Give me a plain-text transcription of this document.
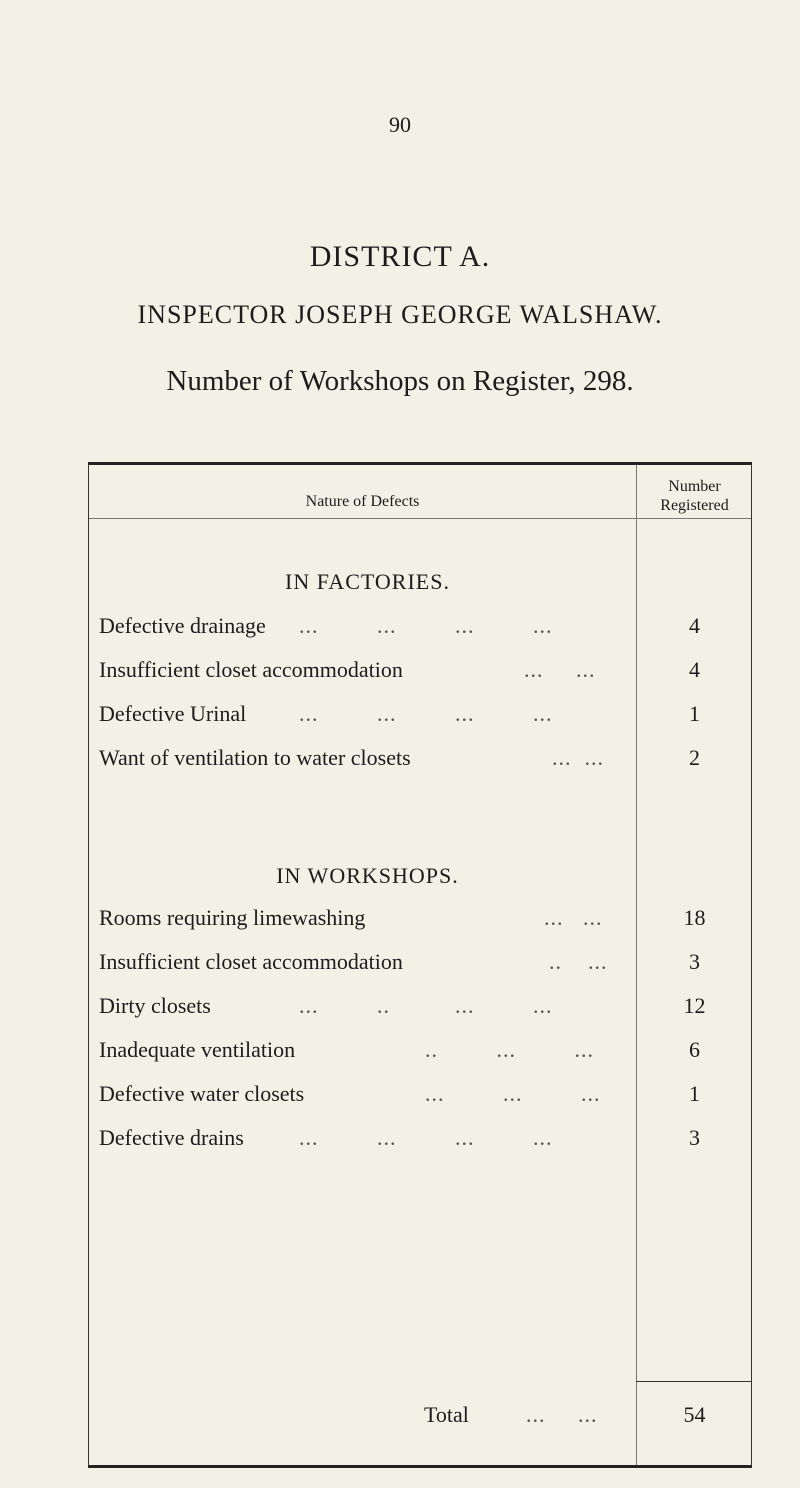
90
DISTRICT A.
INSPECTOR JOSEPH GEORGE WALSHAW.
Number of Workshops on Register, 298.
Nature of Defects
Number
Registered
IN FACTORIES.
Defective drainage ...         ...         ...         ...	4
Insufficient closet accommodation	...     ...	4
Defective Urinal ...         ...         ...         ...	1
Want of ventilation to water closets	...  ...	2
IN WORKSHOPS.
Rooms requiring limewashing	...   ...	18
Insufficient closet accommodation	..    ...	3
Dirty closets	...         ..          ...         ...	12
Inadequate ventilation	..         ...         ...	6
Defective water closets	...         ...         ...	1
Defective drains	...         ...         ...         ...	3
Total	...     ...	54
